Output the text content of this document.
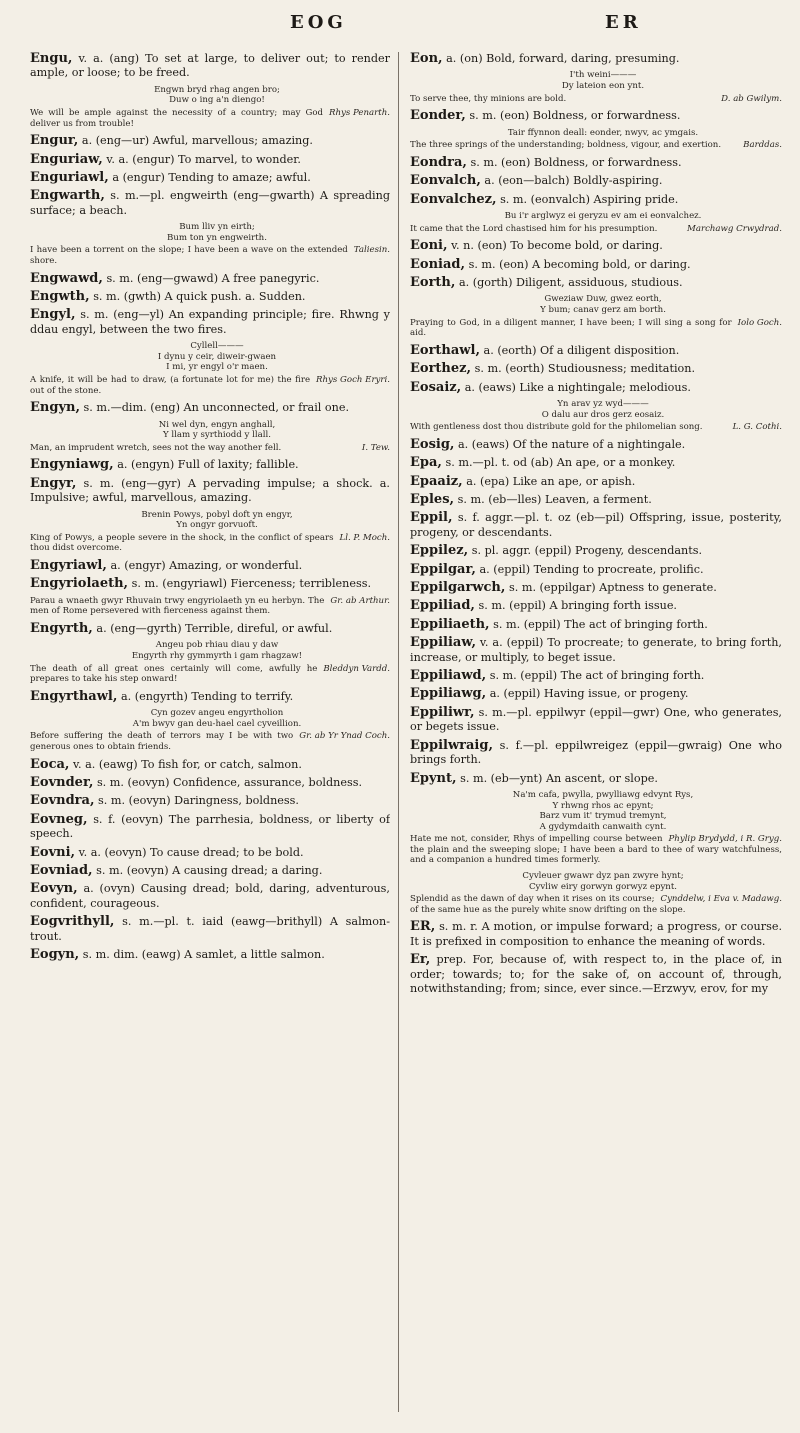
EOG	ER

Engu, v. a. (ang) To set at large, to deliver out; to render ample, or loose; to be freed.

Engwn bryd rhag angen bro;
Duw o ing a'n diengo!
Rhys Penarth.
We will be ample against the necessity of a country; may God deliver us from trouble!

Engur, a. (eng—ur) Awful, marvellous; amazing.

Enguriaw, v. a. (engur) To marvel, to wonder.

Enguriawl, a (engur) Tending to amaze; awful.

Engwarth, s. m.—pl. engweirth (eng—gwarth) A spreading surface; a beach.

Bum lliv yn eirth;
Bum ton yn engweirth.
Taliesin.
I have been a torrent on the slope; I have been a wave on the extended shore.

Engwawd, s. m. (eng—gwawd) A free panegyric.

Engwth, s. m. (gwth) A quick push. a. Sudden.

Engyl, s. m. (eng—yl) An expanding principle; fire. Rhwng y ddau engyl, between the two fires.

Cyllell———
I dynu y ceir, diweir-gwaen
I mi, yr engyl o'r maen.
Rhys Goch Eryri.
A knife, it will be had to draw, (a fortunate lot for me) the fire out of the stone.

Engyn, s. m.—dim. (eng) An unconnected, or frail one.

Ni wel dyn, engyn anghall,
Y llam y syrthiodd y llall.
I. Tew.
Man, an imprudent wretch, sees not the way another fell.

Engyniawg, a. (engyn) Full of laxity; fallible.

Engyr, s. m. (eng—gyr) A pervading impulse; a shock. a. Impulsive; awful, marvellous, amazing.

Brenin Powys, pobyl doft yn engyr,
Yn ongyr gorvuoft.
Ll. P. Moch.
King of Powys, a people severe in the shock, in the conflict of spears thou didst overcome.

Engyriawl, a. (engyr) Amazing, or wonderful.

Engyriolaeth, s. m. (engyriawl) Fierceness; terribleness.

Gr. ab Arthur.
Parau a wnaeth gwyr Rhuvain trwy engyriolaeth yn eu herbyn. The men of Rome persevered with fierceness against them.

Engyrth, a. (eng—gyrth) Terrible, direful, or awful.

Angeu pob rhiau diau y daw
Engyrth rhy gymmyrth i gam rhagzaw!
Bleddyn Vardd.
The death of all great ones certainly will come, awfully he prepares to take his step onward!

Engyrthawl, a. (engyrth) Tending to terrify.

Cyn gozev angeu engyrtholion
A'm bwyv gan deu-hael cael cyveillion.
Gr. ab Yr Ynad Coch.
Before suffering the death of terrors may I be with two generous ones to obtain friends.

Eoca, v. a. (eawg) To fish for, or catch, salmon.

Eovnder, s. m. (eovyn) Confidence, assurance, boldness.

Eovndra, s. m. (eovyn) Daringness, boldness.

Eovneg, s. f. (eovyn) The parrhesia, boldness, or liberty of speech.

Eovni, v. a. (eovyn) To cause dread; to be bold.

Eovniad, s. m. (eovyn) A causing dread; a daring.

Eovyn, a. (ovyn) Causing dread; bold, daring, adventurous, confident, courageous.

Eogvrithyll, s. m.—pl. t. iaid (eawg—brithyll) A salmon-trout.

Eogyn, s. m. dim. (eawg) A samlet, a little salmon.

Eon, a. (on) Bold, forward, daring, presuming.

I'th weini———
Dy lateion eon ynt.
D. ab Gwilym.
To serve thee, thy minions are bold.

Eonder, s. m. (eon) Boldness, or forwardness.

Tair ffynnon deall: eonder, nwyv, ac ymgais.
Barddas.
The three springs of the understanding; boldness, vigour, and exertion.

Eondra, s. m. (eon) Boldness, or forwardness.

Eonvalch, a. (eon—balch) Boldly-aspiring.

Eonvalchez, s. m. (eonvalch) Aspiring pride.

Bu i'r arglwyz ei geryzu ev am ei eonvalchez.
Marchawg Crwydrad.
It came that the Lord chastised him for his presumption.

Eoni, v. n. (eon) To become bold, or daring.

Eoniad, s. m. (eon) A becoming bold, or daring.

Eorth, a. (gorth) Diligent, assiduous, studious.

Gweziaw Duw, gwez eorth,
Y bum; canav gerz am borth.
Iolo Goch.
Praying to God, in a diligent manner, I have been; I will sing a song for aid.

Eorthawl, a. (eorth) Of a diligent disposition.

Eorthez, s. m. (eorth) Studiousness; meditation.

Eosaiz, a. (eaws) Like a nightingale; melodious.

Yn arav yz wyd———
O dalu aur dros gerz eosaiz.
L. G. Cothi.
With gentleness dost thou distribute gold for the philomelian song.

Eosig, a. (eaws) Of the nature of a nightingale.

Epa, s. m.—pl. t. od (ab) An ape, or a monkey.

Epaaiz, a. (epa) Like an ape, or apish.

Eples, s. m. (eb—lles) Leaven, a ferment.

Eppil, s. f. aggr.—pl. t. oz (eb—pil) Offspring, issue, posterity, progeny, or descendants.

Eppilez, s. pl. aggr. (eppil) Progeny, descendants.

Eppilgar, a. (eppil) Tending to procreate, prolific.

Eppilgarwch, s. m. (eppilgar) Aptness to generate.

Eppiliad, s. m. (eppil) A bringing forth issue.

Eppiliaeth, s. m. (eppil) The act of bringing forth.

Eppiliaw, v. a. (eppil) To procreate; to generate, to bring forth, increase, or multiply, to beget issue.

Eppiliawd, s. m. (eppil) The act of bringing forth.

Eppiliawg, a. (eppil) Having issue, or progeny.

Eppiliwr, s. m.—pl. eppilwyr (eppil—gwr) One, who generates, or begets issue.

Eppilwraig, s. f.—pl. eppilwreigez (eppil—gwraig) One who brings forth.

Epynt, s. m. (eb—ynt) An ascent, or slope.

Na'm cafa, pwylla, pwylliawg edvynt Rys,
Y rhwng rhos ac epynt;
Barz vum it' trymud tremynt,
A gydymdaith canwaith cynt.
Phylip Brydydd, i R. Gryg.
Hate me not, consider, Rhys of impelling course between the plain and the sweeping slope; I have been a bard to thee of wary watchfulness, and a companion a hundred times formerly.
Cyvleuer gwawr dyz pan zwyre hynt;
Cyvliw eiry gorwyn gorwyz epynt.
Cynddelw, i Eva v. Madawg.
Splendid as the dawn of day when it rises on its course; of the same hue as the purely white snow drifting on the slope.

ER, s. m. r. A motion, or impulse forward; a progress, or course. It is prefixed in composition to enhance the meaning of words.

Er, prep. For, because of, with respect to, in the place of, in order; towards; to; for the sake of, on account of, through, notwithstanding; from; since, ever since.—Erzwyv, erov, for my
